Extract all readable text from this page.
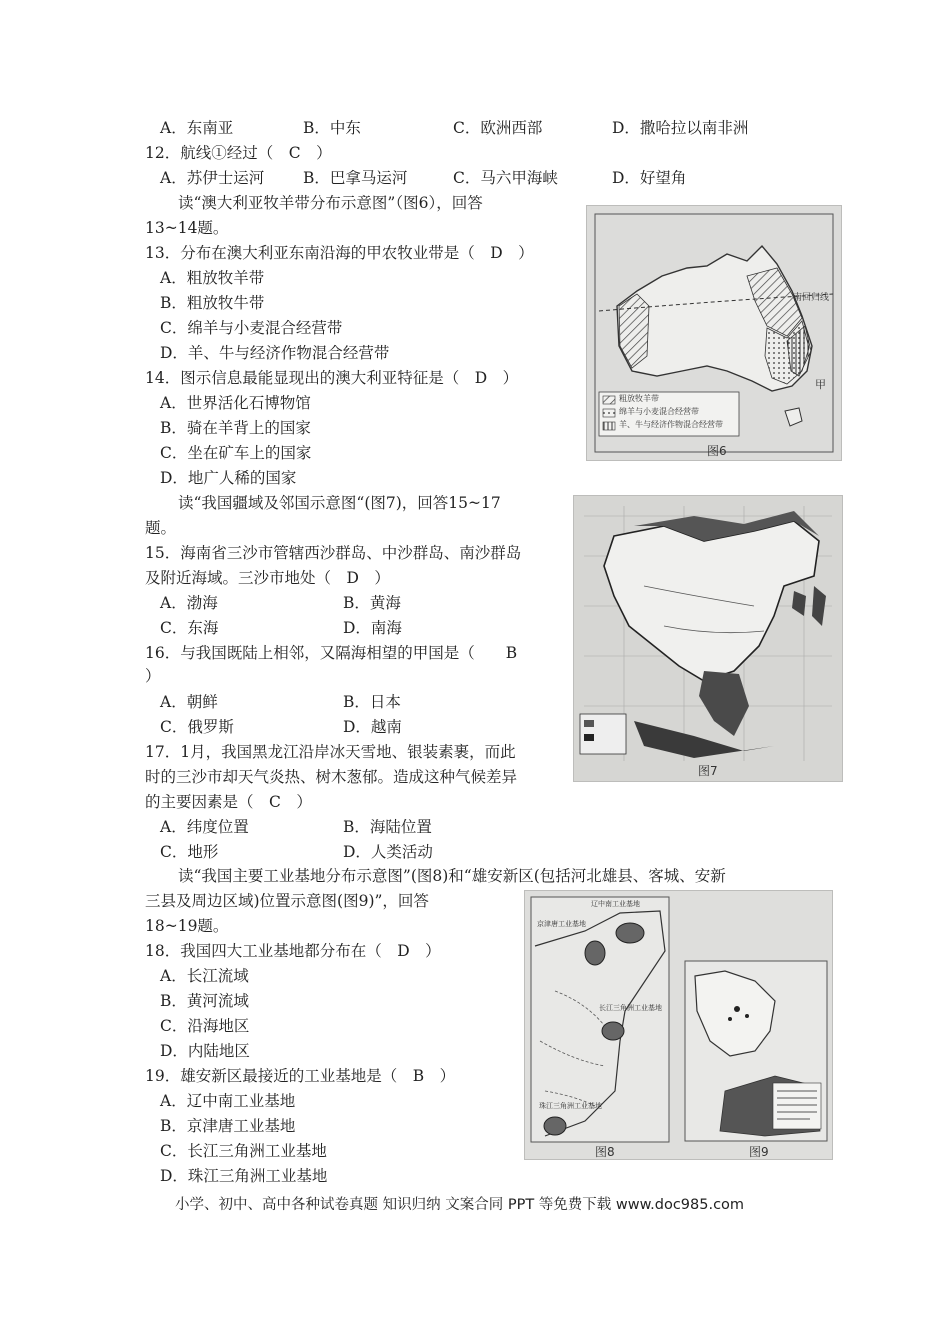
A．东南亚	B．中东	C．欧洲西部	D．撒哈拉以南非洲
12．航线①经过（　C　）
A．苏伊士运河	B．巴拿马运河	C．马六甲海峡	D．好望角
读“澳大利亚牧羊带分布示意图”（图6），回答
13~14题。
13．分布在澳大利亚东南沿海的甲农牧业带是（　D　）
A．粗放牧羊带
B．粗放牧牛带
C．绵羊与小麦混合经营带
D．羊、牛与经济作物混合经营带
14．图示信息最能显现出的澳大利亚特征是（　D　）
A．世界活化石博物馆
B．骑在羊背上的国家
C．坐在矿车上的国家
D．地广人稀的国家
读“我国疆域及邻国示意图“(图7)，回答15~17
题。
15．海南省三沙市管辖西沙群岛、中沙群岛、南沙群岛
及附近海域。三沙市地处（　D　）
A．渤海	B．黄海
C．东海	D．南海
16．与我国既陆上相邻，又隔海相望的甲国是（　　B
）
A．朝鲜	B．日本
C．俄罗斯	D．越南
17．1月，我国黑龙江沿岸冰天雪地、银装素裹，而此
时的三沙市却天气炎热、树木葱郁。造成这种气候差异
的主要因素是（　C　）
A．纬度位置	B．海陆位置
C．地形	D．人类活动
读“我国主要工业基地分布示意图”(图8)和“雄安新区(包括河北雄县、客城、安新
三县及周边区域)位置示意图(图9)”，回答
18~19题。
18．我国四大工业基地都分布在（　D　）
A．长江流域
B．黄河流域
C．沿海地区
D．内陆地区
19．雄安新区最接近的工业基地是（　B　）
A．辽中南工业基地
B．京津唐工业基地
C．长江三角洲工业基地
D．珠江三角洲工业基地
南回归线
甲
粗放牧羊带
绵羊与小麦混合经营带
羊、牛与经济作物混合经营带
图6
图7
辽中南工业基地
京津唐工业基地
长江三角洲工业基地
珠江三角洲工业基地
图8	图9
小学、初中、高中各种试卷真题 知识归纳 文案合同 PPT 等免费下载 www.doc985.com
